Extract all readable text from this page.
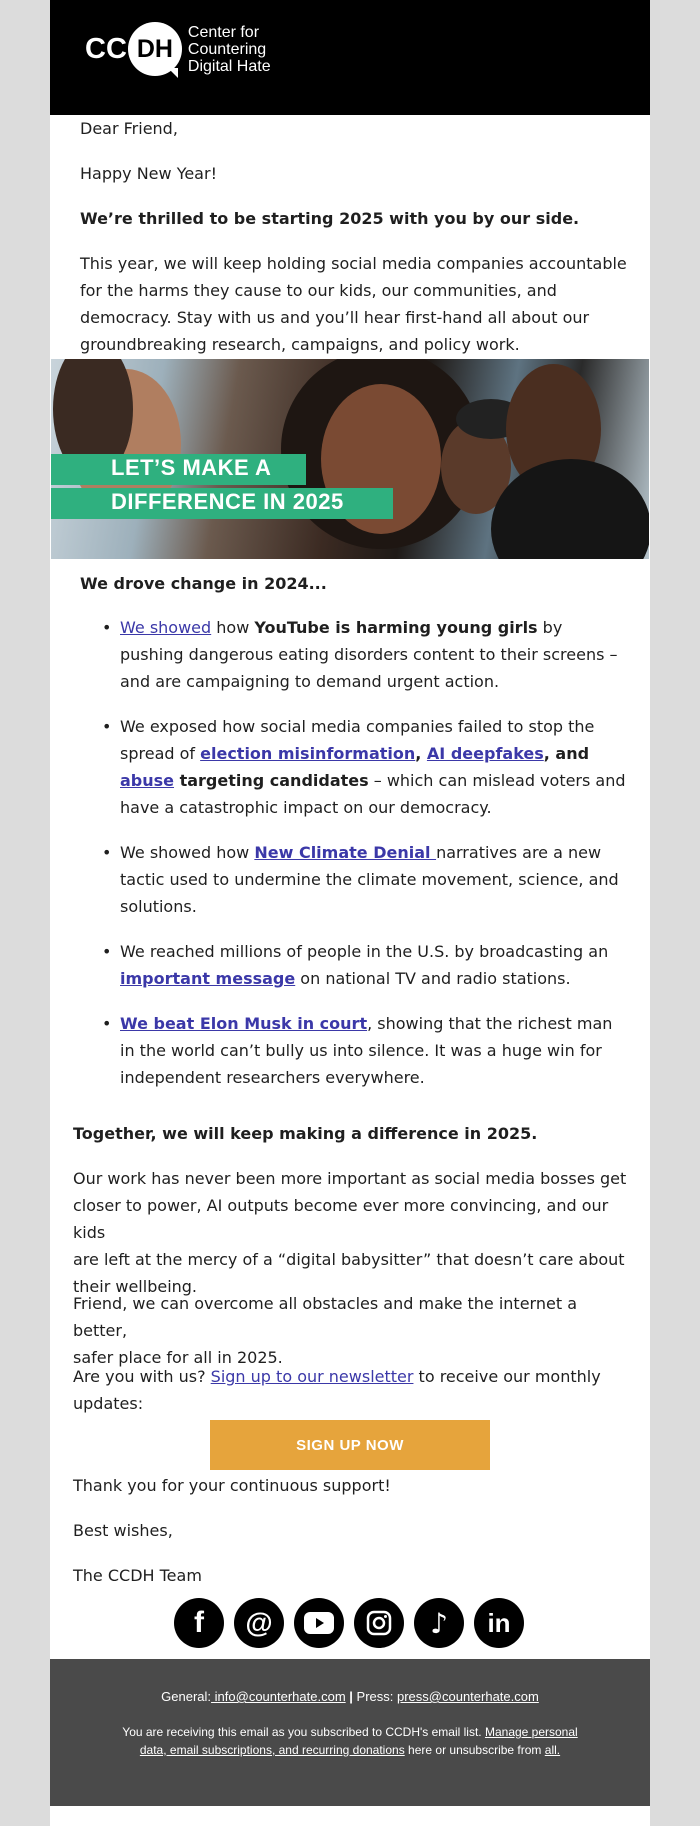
CC DH
Center for
Countering
Digital Hate
Dear Friend,
Happy New Year!
We’re thrilled to be starting 2025 with you by our side.
This year, we will keep holding social media companies accountable
for the harms they cause to our kids, our communities, and
democracy. Stay with us and you’ll hear first-hand all about our
groundbreaking research, campaigns, and policy work.
LET’S MAKE A
DIFFERENCE IN 2025
We drove change in 2024...
• We showed how YouTube is harming young girls by pushing dangerous eating disorders content to their screens – and are campaigning to demand urgent action.
• We exposed how social media companies failed to stop the spread of election misinformation, AI deepfakes, and abuse targeting candidates – which can mislead voters and have a catastrophic impact on our democracy.
• We showed how New Climate Denial narratives are a new tactic used to undermine the climate movement, science, and solutions.
• We reached millions of people in the U.S. by broadcasting an important message on national TV and radio stations.
• We beat Elon Musk in court, showing that the richest man in the world can’t bully us into silence. It was a huge win for independent researchers everywhere.
Together, we will keep making a difference in 2025.
Our work has never been more important as social media bosses get
closer to power, AI outputs become ever more convincing, and our kids
are left at the mercy of a “digital babysitter” that doesn’t care about
their wellbeing.
Friend, we can overcome all obstacles and make the internet a better,
safer place for all in 2025.
Are you with us? Sign up to our newsletter to receive our monthly
updates:
SIGN UP NOW
Thank you for your continuous support!
Best wishes,
The CCDH Team
f @	♪ in
General: info@counterhate.com | Press: press@counterhate.com
You are receiving this email as you subscribed to CCDH's email list. Manage personal
data, email subscriptions, and recurring donations here or unsubscribe from all.
